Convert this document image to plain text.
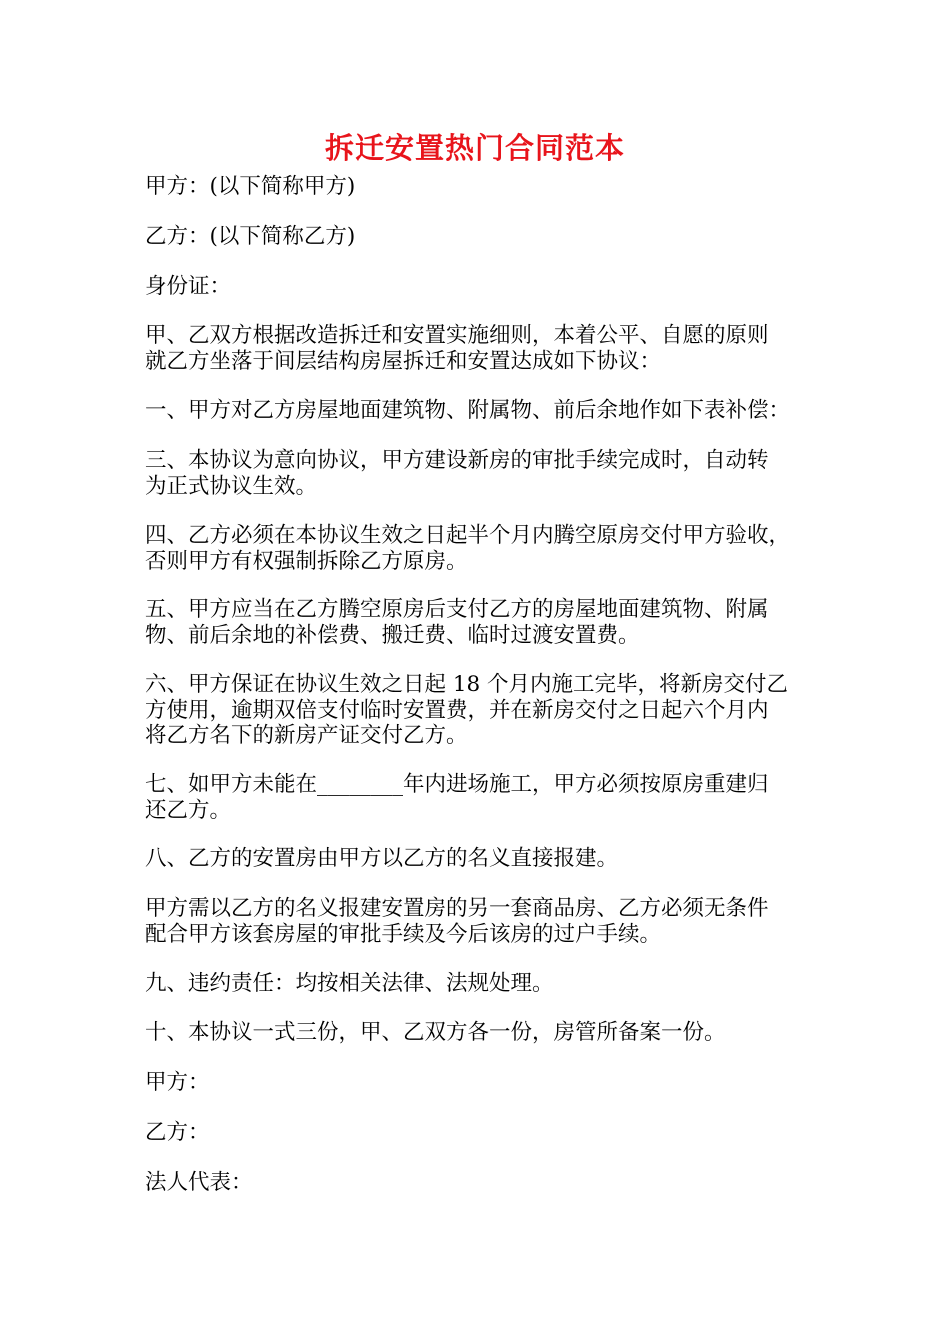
拆迁安置热门合同范本
甲方：(以下简称甲方)
乙方：(以下简称乙方)
身份证：
甲、乙双方根据改造拆迁和安置实施细则，本着公平、自愿的原则
就乙方坐落于间层结构房屋拆迁和安置达成如下协议：
一、甲方对乙方房屋地面建筑物、附属物、前后余地作如下表补偿：
三、本协议为意向协议，甲方建设新房的审批手续完成时，自动转
为正式协议生效。
四、乙方必须在本协议生效之日起半个月内腾空原房交付甲方验收，
否则甲方有权强制拆除乙方原房。
五、甲方应当在乙方腾空原房后支付乙方的房屋地面建筑物、附属
物、前后余地的补偿费、搬迁费、临时过渡安置费。
六、甲方保证在协议生效之日起 18 个月内施工完毕，将新房交付乙
方使用，逾期双倍支付临时安置费，并在新房交付之日起六个月内
将乙方名下的新房产证交付乙方。
七、如甲方未能在________年内进场施工，甲方必须按原房重建归
还乙方。
八、乙方的安置房由甲方以乙方的名义直接报建。
甲方需以乙方的名义报建安置房的另一套商品房、乙方必须无条件
配合甲方该套房屋的审批手续及今后该房的过户手续。
九、违约责任：均按相关法律、法规处理。
十、本协议一式三份，甲、乙双方各一份，房管所备案一份。
甲方：
乙方：
法人代表：
